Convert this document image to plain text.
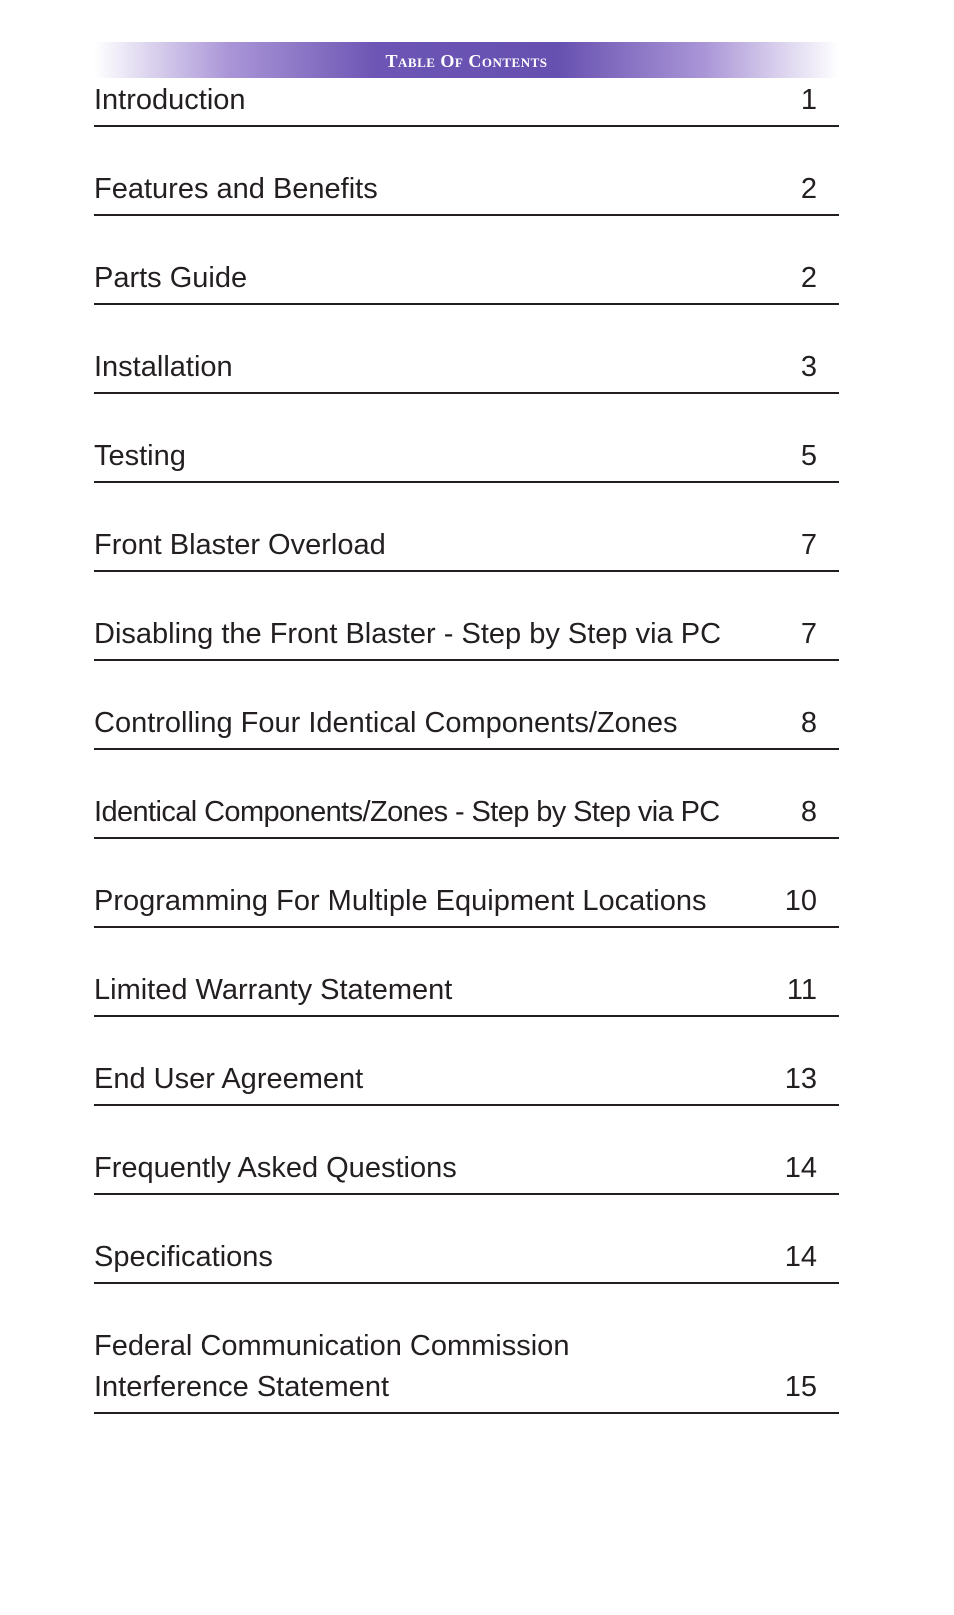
Table Of Contents
Introduction	1
Features and Benefits	2
Parts Guide	2
Installation	3
Testing	5
Front Blaster Overload	7
Disabling the Front Blaster - Step by Step via PC	7
Controlling Four Identical Components/Zones	8
Identical Components/Zones - Step by Step via PC	8
Programming For Multiple Equipment Locations	10
Limited Warranty Statement	11
End User Agreement	13
Frequently Asked Questions	14
Specifications	14
Federal Communication Commission
Interference Statement	15
